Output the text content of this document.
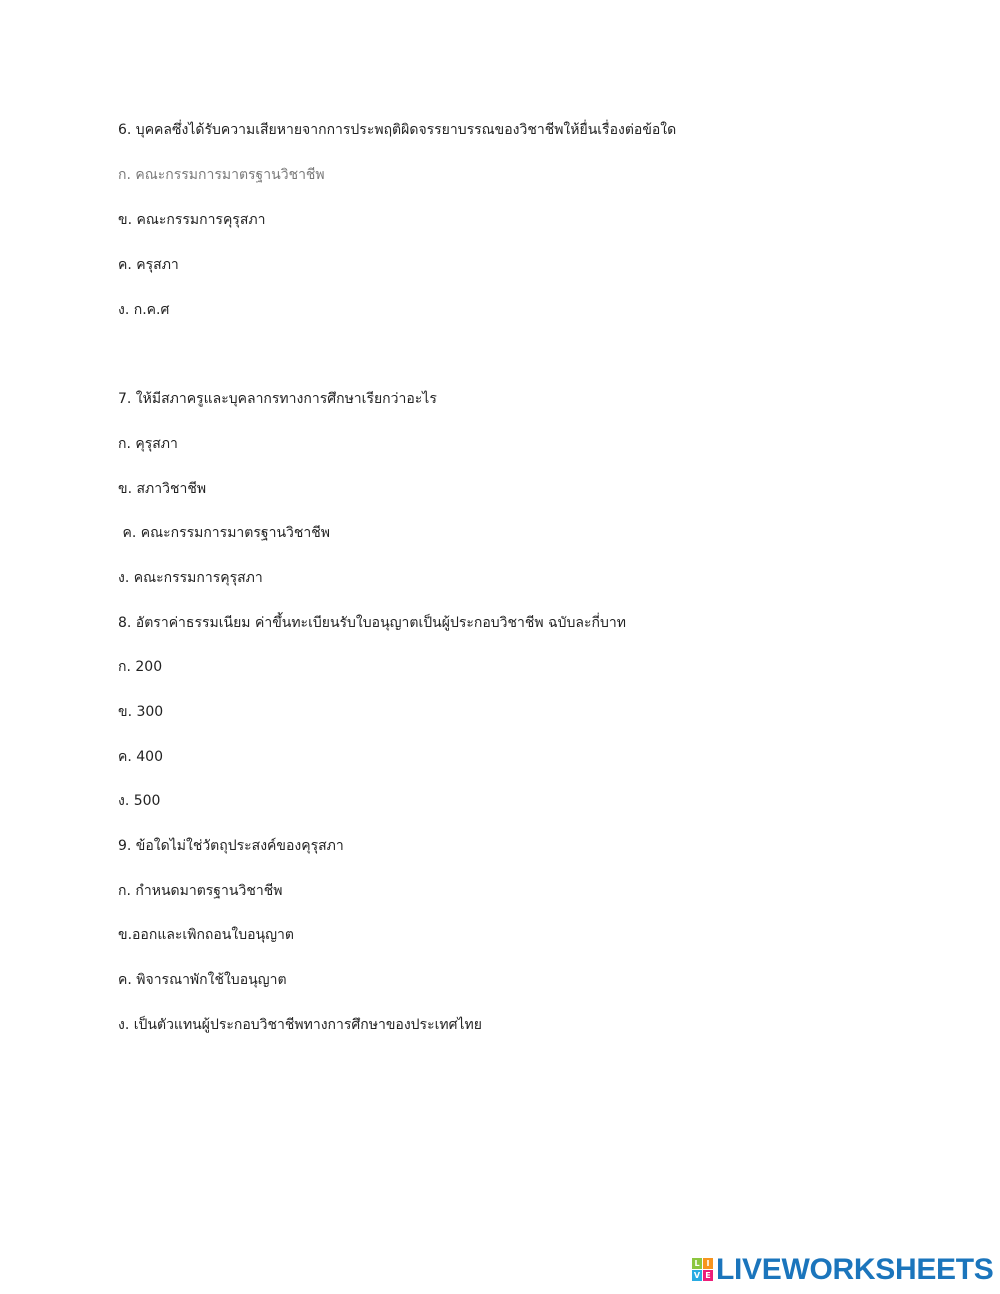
6. บุคคลซึ่งได้รับความเสียหายจากการประพฤติผิดจรรยาบรรณของวิชาชีพให้ยื่นเรื่องต่อข้อใด
ก. คณะกรรมการมาตรฐานวิชาชีพ
ข. คณะกรรมการคุรุสภา
ค. ครุสภา
ง. ก.ค.ศ
7. ให้มีสภาครูและบุคลากรทางการศึกษาเรียกว่าอะไร
ก. คุรุสภา
ข. สภาวิชาชีพ
ค. คณะกรรมการมาตรฐานวิชาชีพ
ง. คณะกรรมการคุรุสภา
8. อัตราค่าธรรมเนียม ค่าขึ้นทะเบียนรับใบอนุญาตเป็นผู้ประกอบวิชาชีพ ฉบับละกี่บาท
ก. 200
ข. 300
ค. 400
ง. 500
9. ข้อใดไม่ใช่วัตถุประสงค์ของคุรุสภา
ก. กำหนดมาตรฐานวิชาชีพ
ข.ออกและเพิกถอนใบอนุญาต
ค. พิจารณาพักใช้ใบอนุญาต
ง. เป็นตัวแทนผู้ประกอบวิชาชีพทางการศึกษาของประเทศไทย
L I
V E LIVEWORKSHEETS
